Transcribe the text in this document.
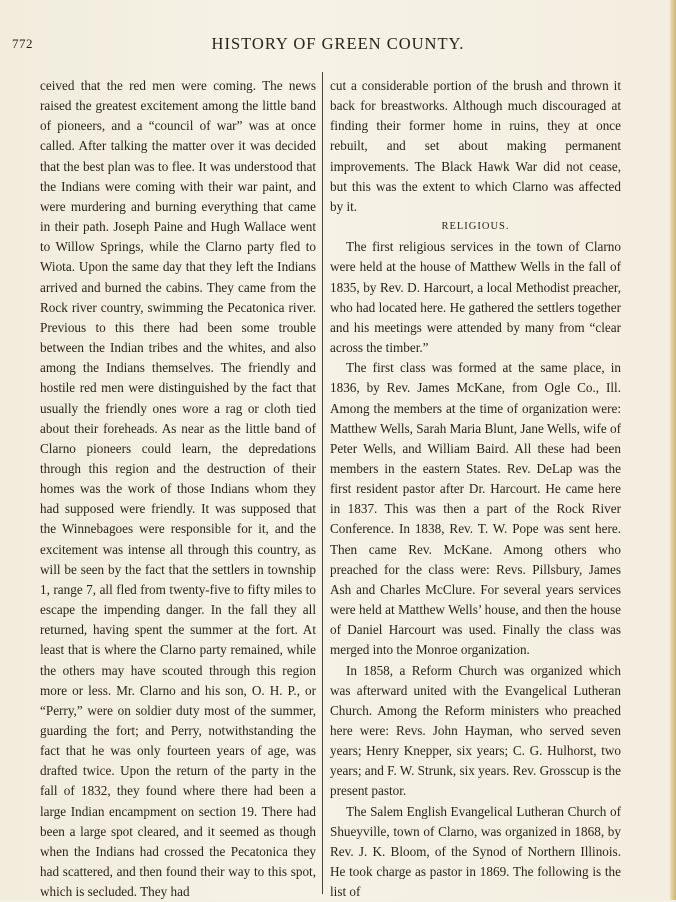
772	HISTORY OF GREEN COUNTY.

ceived that the red men were coming. The news raised the greatest excitement among the little band of pioneers, and a “council of war” was at once called. After talking the matter over it was decided that the best plan was to flee. It was understood that the Indians were coming with their war paint, and were murdering and burning everything that came in their path. Joseph Paine and Hugh Wallace went to Willow Springs, while the Clarno party fled to Wiota. Upon the same day that they left the Indians arrived and burned the cabins. They came from the Rock river country, swimming the Pecatonica river. Previous to this there had been some trouble between the Indian tribes and the whites, and also among the Indians themselves. The friendly and hostile red men were distinguished by the fact that usually the friendly ones wore a rag or cloth tied about their foreheads. As near as the little band of Clarno pioneers could learn, the depredations through this region and the destruction of their homes was the work of those Indians whom they had supposed were friendly. It was supposed that the Winnebagoes were responsible for it, and the excitement was intense all through this country, as will be seen by the fact that the settlers in township 1, range 7, all fled from twenty-five to fifty miles to escape the impending danger. In the fall they all returned, having spent the summer at the fort. At least that is where the Clarno party remained, while the others may have scouted through this region more or less. Mr. Clarno and his son, O. H. P., or “Perry,” were on soldier duty most of the summer, guarding the fort; and Perry, notwithstanding the fact that he was only fourteen years of age, was drafted twice. Upon the return of the party in the fall of 1832, they found where there had been a large Indian encampment on section 19. There had been a large spot cleared, and it seemed as though when the Indians had crossed the Pecatonica they had scattered, and then found their way to this spot, which is secluded. They had

cut a considerable portion of the brush and thrown it back for breastworks. Although much discouraged at finding their former home in ruins, they at once rebuilt, and set about making permanent improvements. The Black Hawk War did not cease, but this was the extent to which Clarno was affected by it.

RELIGIOUS.

The first religious services in the town of Clarno were held at the house of Matthew Wells in the fall of 1835, by Rev. D. Harcourt, a local Methodist preacher, who had located here. He gathered the settlers together and his meetings were attended by many from “clear across the timber.”

The first class was formed at the same place, in 1836, by Rev. James McKane, from Ogle Co., Ill. Among the members at the time of organization were: Matthew Wells, Sarah Maria Blunt, Jane Wells, wife of Peter Wells, and William Baird. All these had been members in the eastern States. Rev. DeLap was the first resident pastor after Dr. Harcourt. He came here in 1837. This was then a part of the Rock River Conference. In 1838, Rev. T. W. Pope was sent here. Then came Rev. McKane. Among others who preached for the class were: Revs. Pillsbury, James Ash and Charles McClure. For several years services were held at Matthew Wells’ house, and then the house of Daniel Harcourt was used. Finally the class was merged into the Monroe organization.

In 1858, a Reform Church was organized which was afterward united with the Evangelical Lutheran Church. Among the Reform ministers who preached here were: Revs. John Hayman, who served seven years; Henry Knepper, six years; C. G. Hulhorst, two years; and F. W. Strunk, six years. Rev. Grosscup is the present pastor.

The Salem English Evangelical Lutheran Church of Shueyville, town of Clarno, was organized in 1868, by Rev. J. K. Bloom, of the Synod of Northern Illinois. He took charge as pastor in 1869. The following is the list of
